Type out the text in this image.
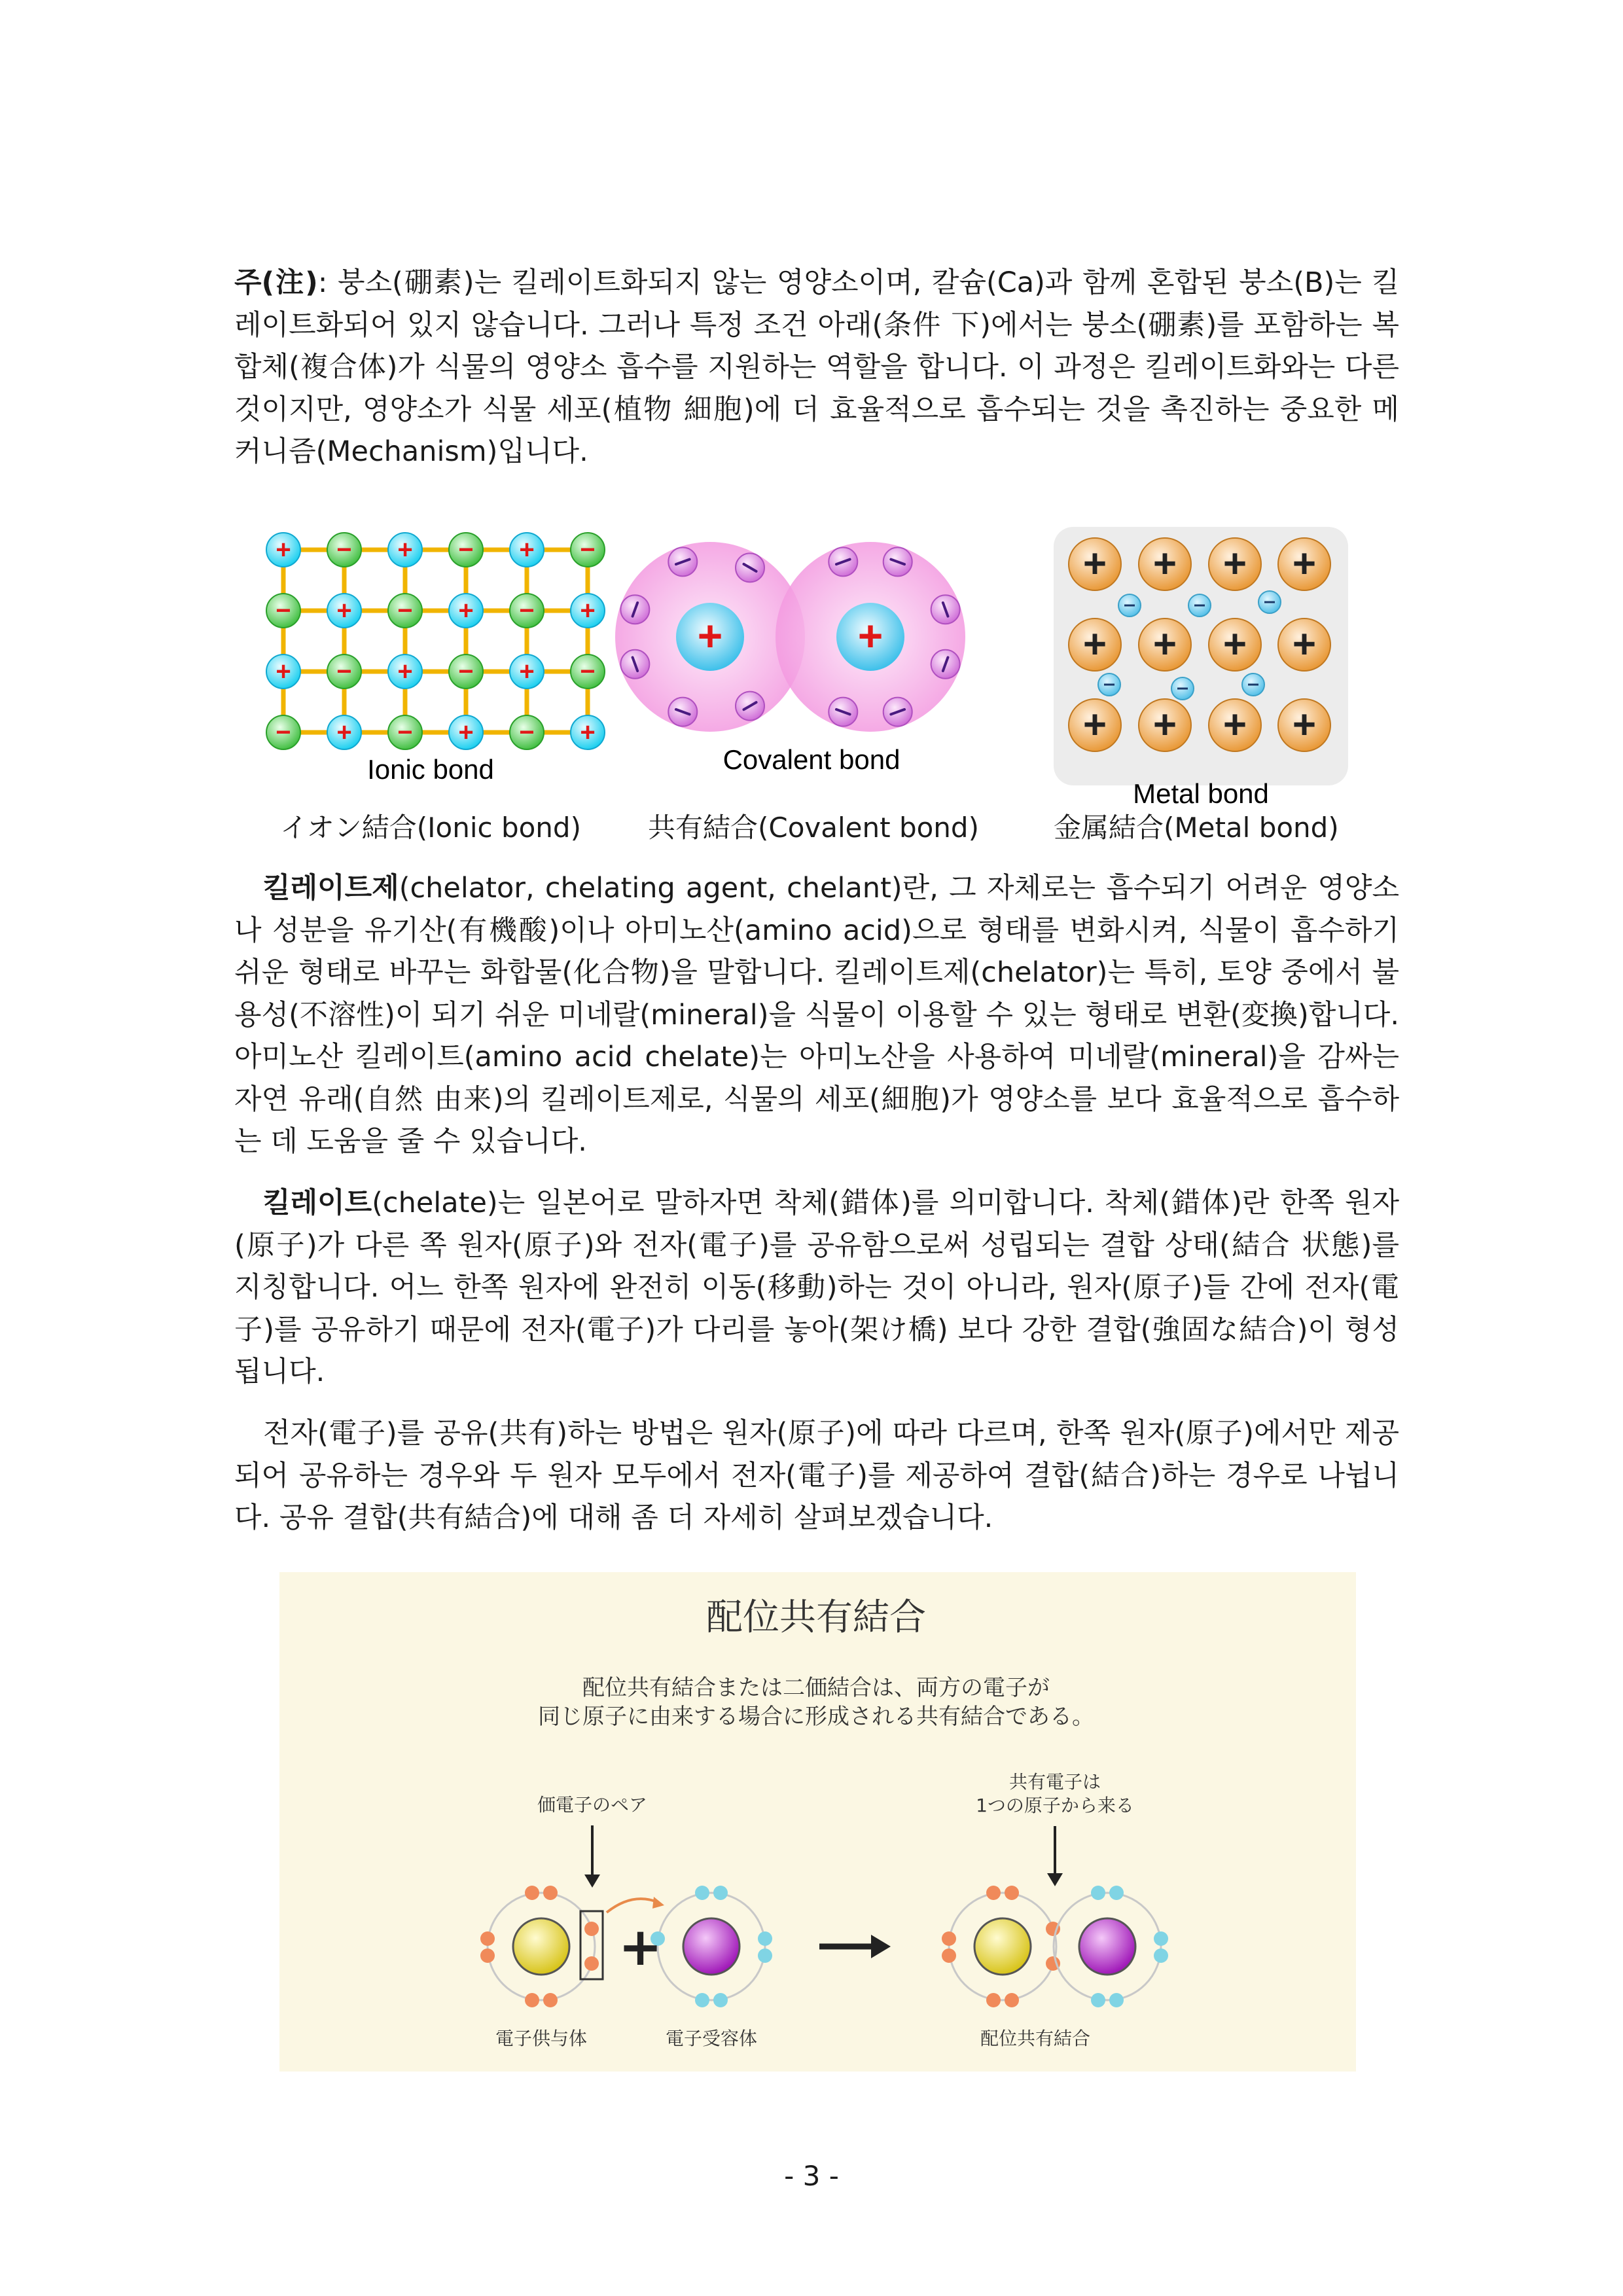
주(注): 붕소(硼素)는 킬레이트화되지 않는 영양소이며, 칼슘(Ca)과 함께 혼합된 붕소(B)는 킬레이트화되어 있지 않습니다. 그러나 특정 조건 아래(条件 下)에서는 붕소(硼素)를 포함하는 복합체(複合体)가 식물의 영양소 흡수를 지원하는 역할을 합니다. 이 과정은 킬레이트화와는 다른 것이지만, 영양소가 식물 세포(植物 細胞)에 더 효율적으로 흡수되는 것을 촉진하는 중요한 메커니즘(Mechanism)입니다.
+ − + − + −
− + − + − +
+ − + − + −
− + − + − +
Ionic bond
+	+
Covalent bond
+ + + +
+ + + +
+ + + +
Metal bond
イオン結合(Ionic bond) 共有結合(Covalent bond)	金属結合(Metal bond)
킬레이트제(chelator, chelating agent, chelant)란, 그 자체로는 흡수되기 어려운 영양소나 성분을 유기산(有機酸)이나 아미노산(amino acid)으로 형태를 변화시켜, 식물이 흡수하기 쉬운 형태로 바꾸는 화합물(化合物)을 말합니다. 킬레이트제(chelator)는 특히, 토양 중에서 불용성(不溶性)이 되기 쉬운 미네랄(mineral)을 식물이 이용할 수 있는 형태로 변환(変換)합니다. 아미노산 킬레이트(amino acid chelate)는 아미노산을 사용하여 미네랄(mineral)을 감싸는 자연 유래(自然 由来)의 킬레이트제로, 식물의 세포(細胞)가 영양소를 보다 효율적으로 흡수하는 데 도움을 줄 수 있습니다.
킬레이트(chelate)는 일본어로 말하자면 착체(錯体)를 의미합니다. 착체(錯体)란 한쪽 원자(原子)가 다른 쪽 원자(原子)와 전자(電子)를 공유함으로써 성립되는 결합 상태(結合 状態)를 지칭합니다. 어느 한쪽 원자에 완전히 이동(移動)하는 것이 아니라, 원자(原子)들 간에 전자(電子)를 공유하기 때문에 전자(電子)가 다리를 놓아(架け橋) 보다 강한 결합(強固な結合)이 형성됩니다.
전자(電子)를 공유(共有)하는 방법은 원자(原子)에 따라 다르며, 한쪽 원자(原子)에서만 제공되어 공유하는 경우와 두 원자 모두에서 전자(電子)를 제공하여 결합(結合)하는 경우로 나뉩니다. 공유 결합(共有結合)에 대해 좀 더 자세히 살펴보겠습니다.
配位共有結合
配位共有結合または二価結合は、両方の電子が
同じ原子に由来する場合に形成される共有結合である。
価電子のペア
共有電子は
1つの原子から来る
+
電子供与体	電子受容体	配位共有結合
- 3 -
